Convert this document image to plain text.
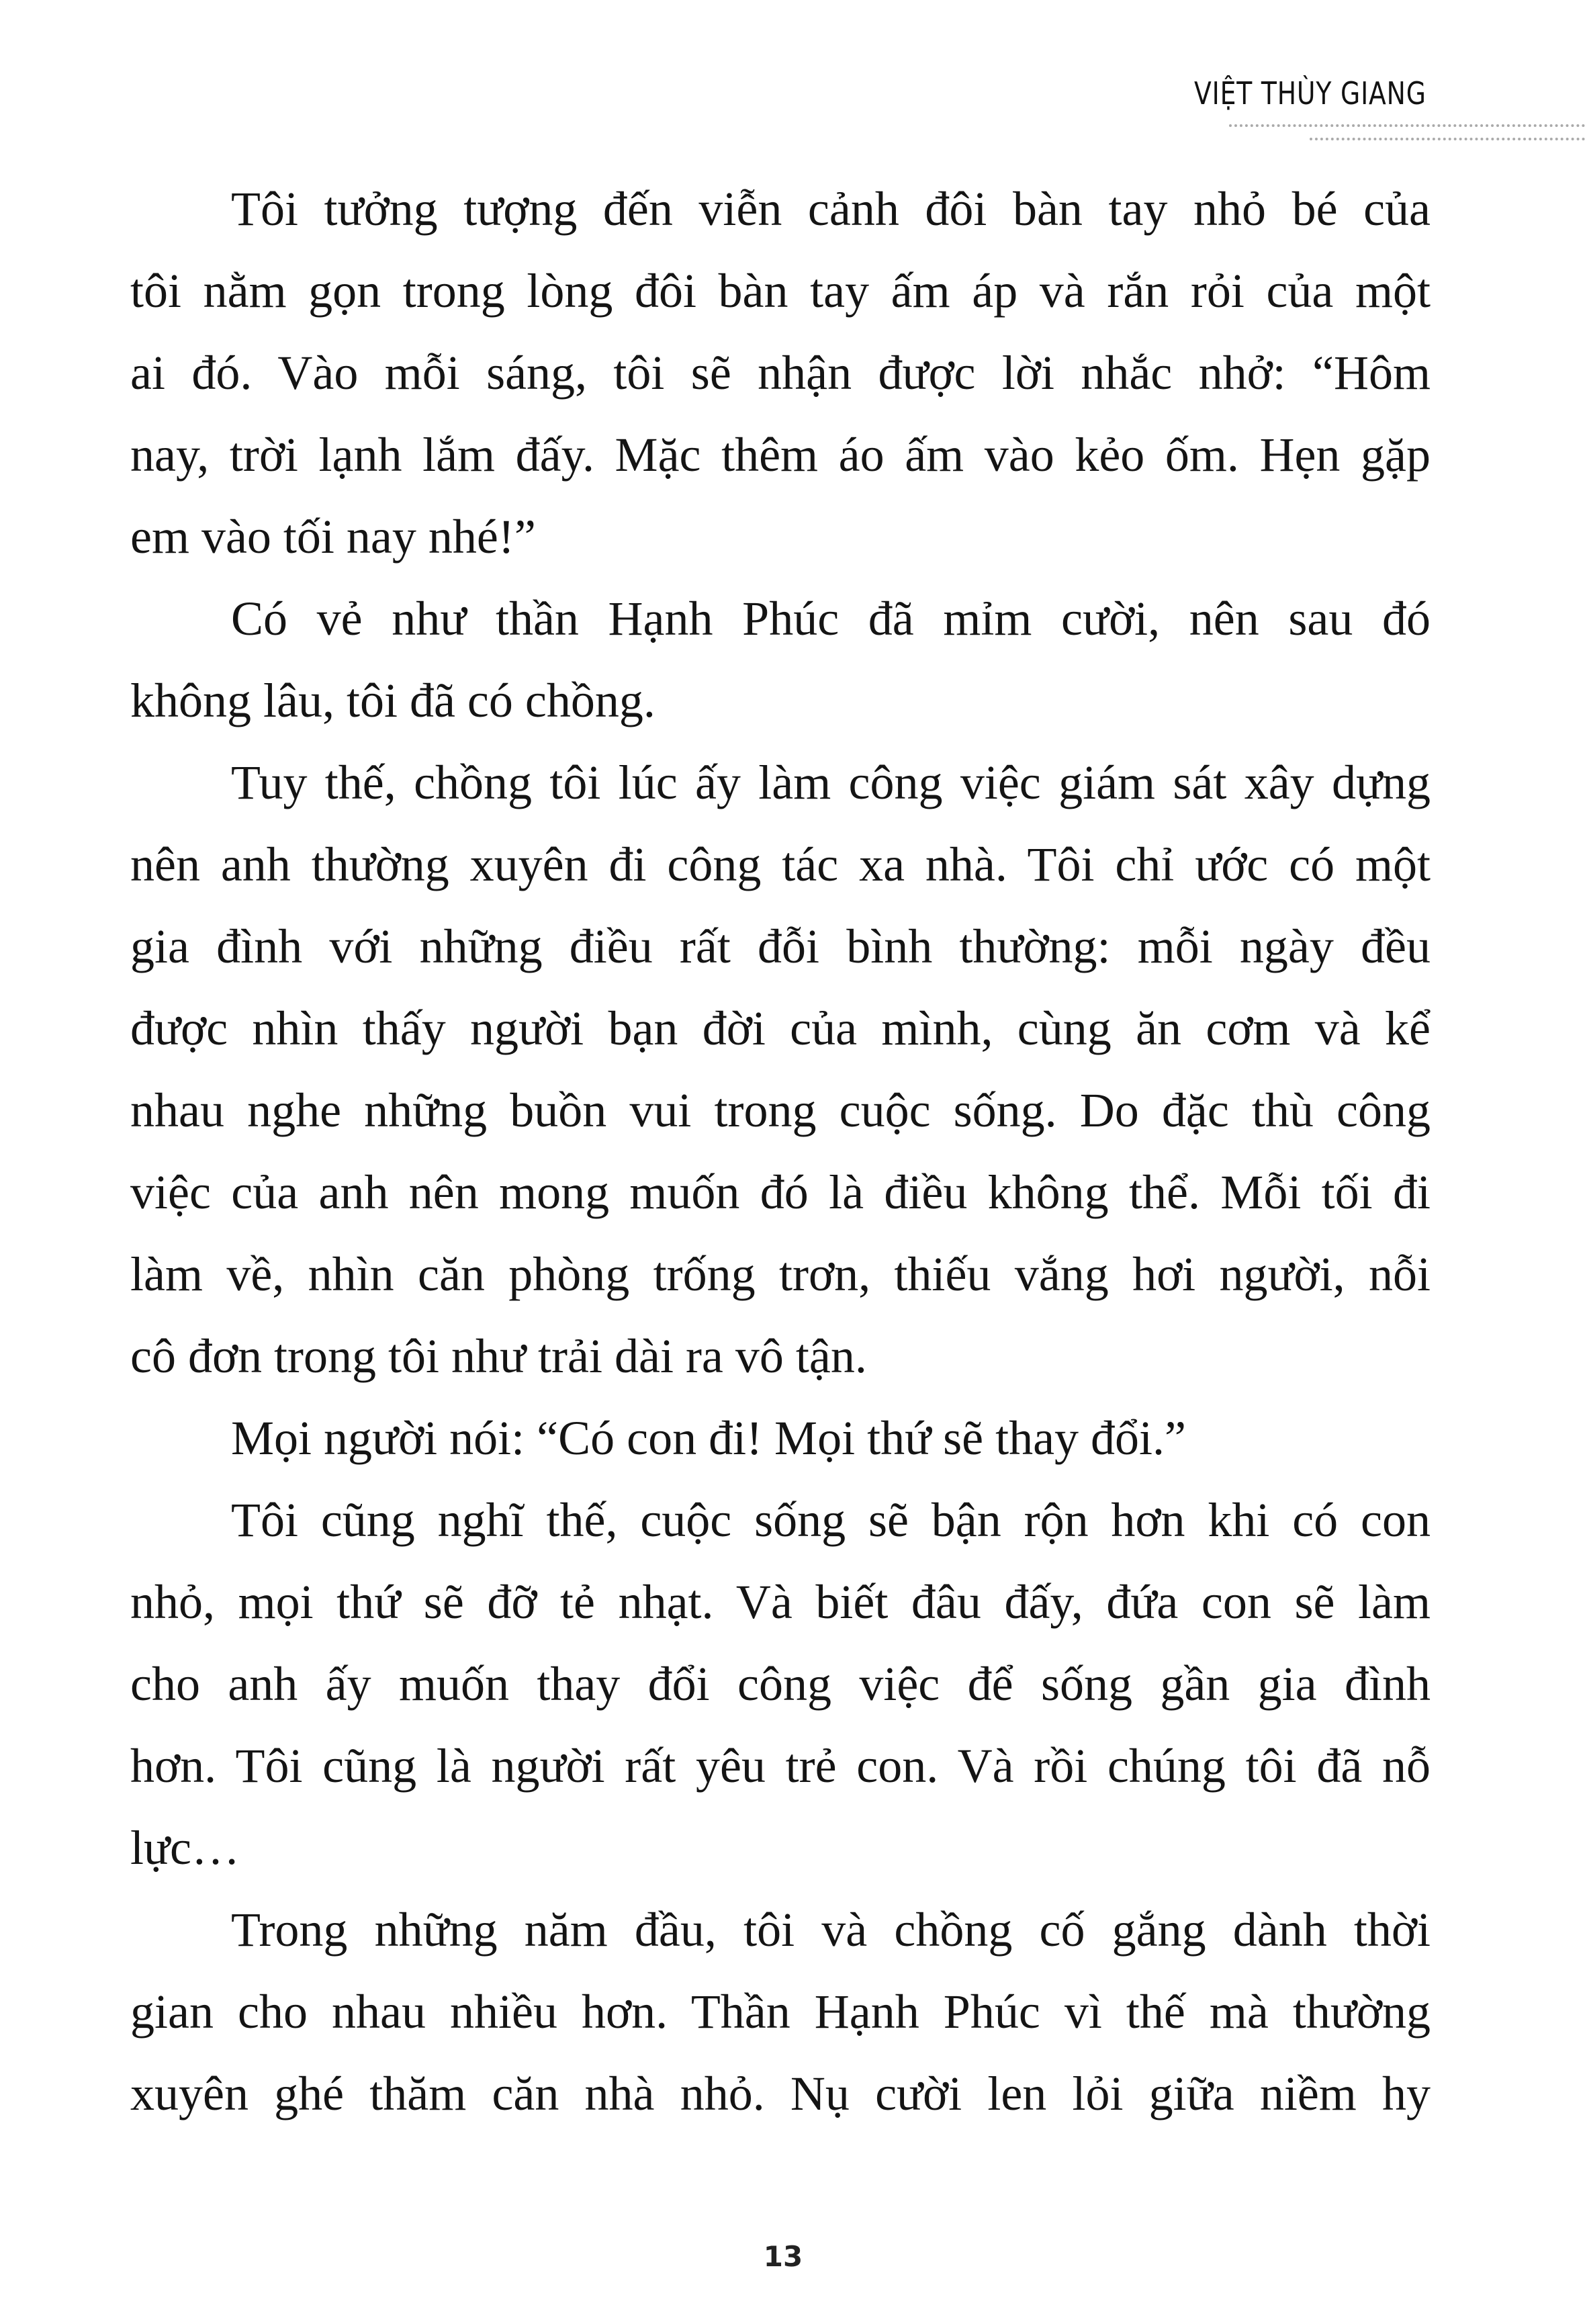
VIỆT THÙY GIANG
Tôi tưởng tượng đến viễn cảnh đôi bàn tay nhỏ bé của
tôi nằm gọn trong lòng đôi bàn tay ấm áp và rắn rỏi của một
ai đó. Vào mỗi sáng, tôi sẽ nhận được lời nhắc nhở: “Hôm
nay, trời lạnh lắm đấy. Mặc thêm áo ấm vào kẻo ốm. Hẹn gặp
em vào tối nay nhé!”
Có vẻ như thần Hạnh Phúc đã mỉm cười, nên sau đó
không lâu, tôi đã có chồng.
Tuy thế, chồng tôi lúc ấy làm công việc giám sát xây dựng
nên anh thường xuyên đi công tác xa nhà. Tôi chỉ ước có một
gia đình với những điều rất đỗi bình thường: mỗi ngày đều
được nhìn thấy người bạn đời của mình, cùng ăn cơm và kể
nhau nghe những buồn vui trong cuộc sống. Do đặc thù công
việc của anh nên mong muốn đó là điều không thể. Mỗi tối đi
làm về, nhìn căn phòng trống trơn, thiếu vắng hơi người, nỗi
cô đơn trong tôi như trải dài ra vô tận.
Mọi người nói: “Có con đi! Mọi thứ sẽ thay đổi.”
Tôi cũng nghĩ thế, cuộc sống sẽ bận rộn hơn khi có con
nhỏ, mọi thứ sẽ đỡ tẻ nhạt. Và biết đâu đấy, đứa con sẽ làm
cho anh ấy muốn thay đổi công việc để sống gần gia đình
hơn. Tôi cũng là người rất yêu trẻ con. Và rồi chúng tôi đã nỗ
lực…
Trong những năm đầu, tôi và chồng cố gắng dành thời
gian cho nhau nhiều hơn. Thần Hạnh Phúc vì thế mà thường
xuyên ghé thăm căn nhà nhỏ. Nụ cười len lỏi giữa niềm hy
13
